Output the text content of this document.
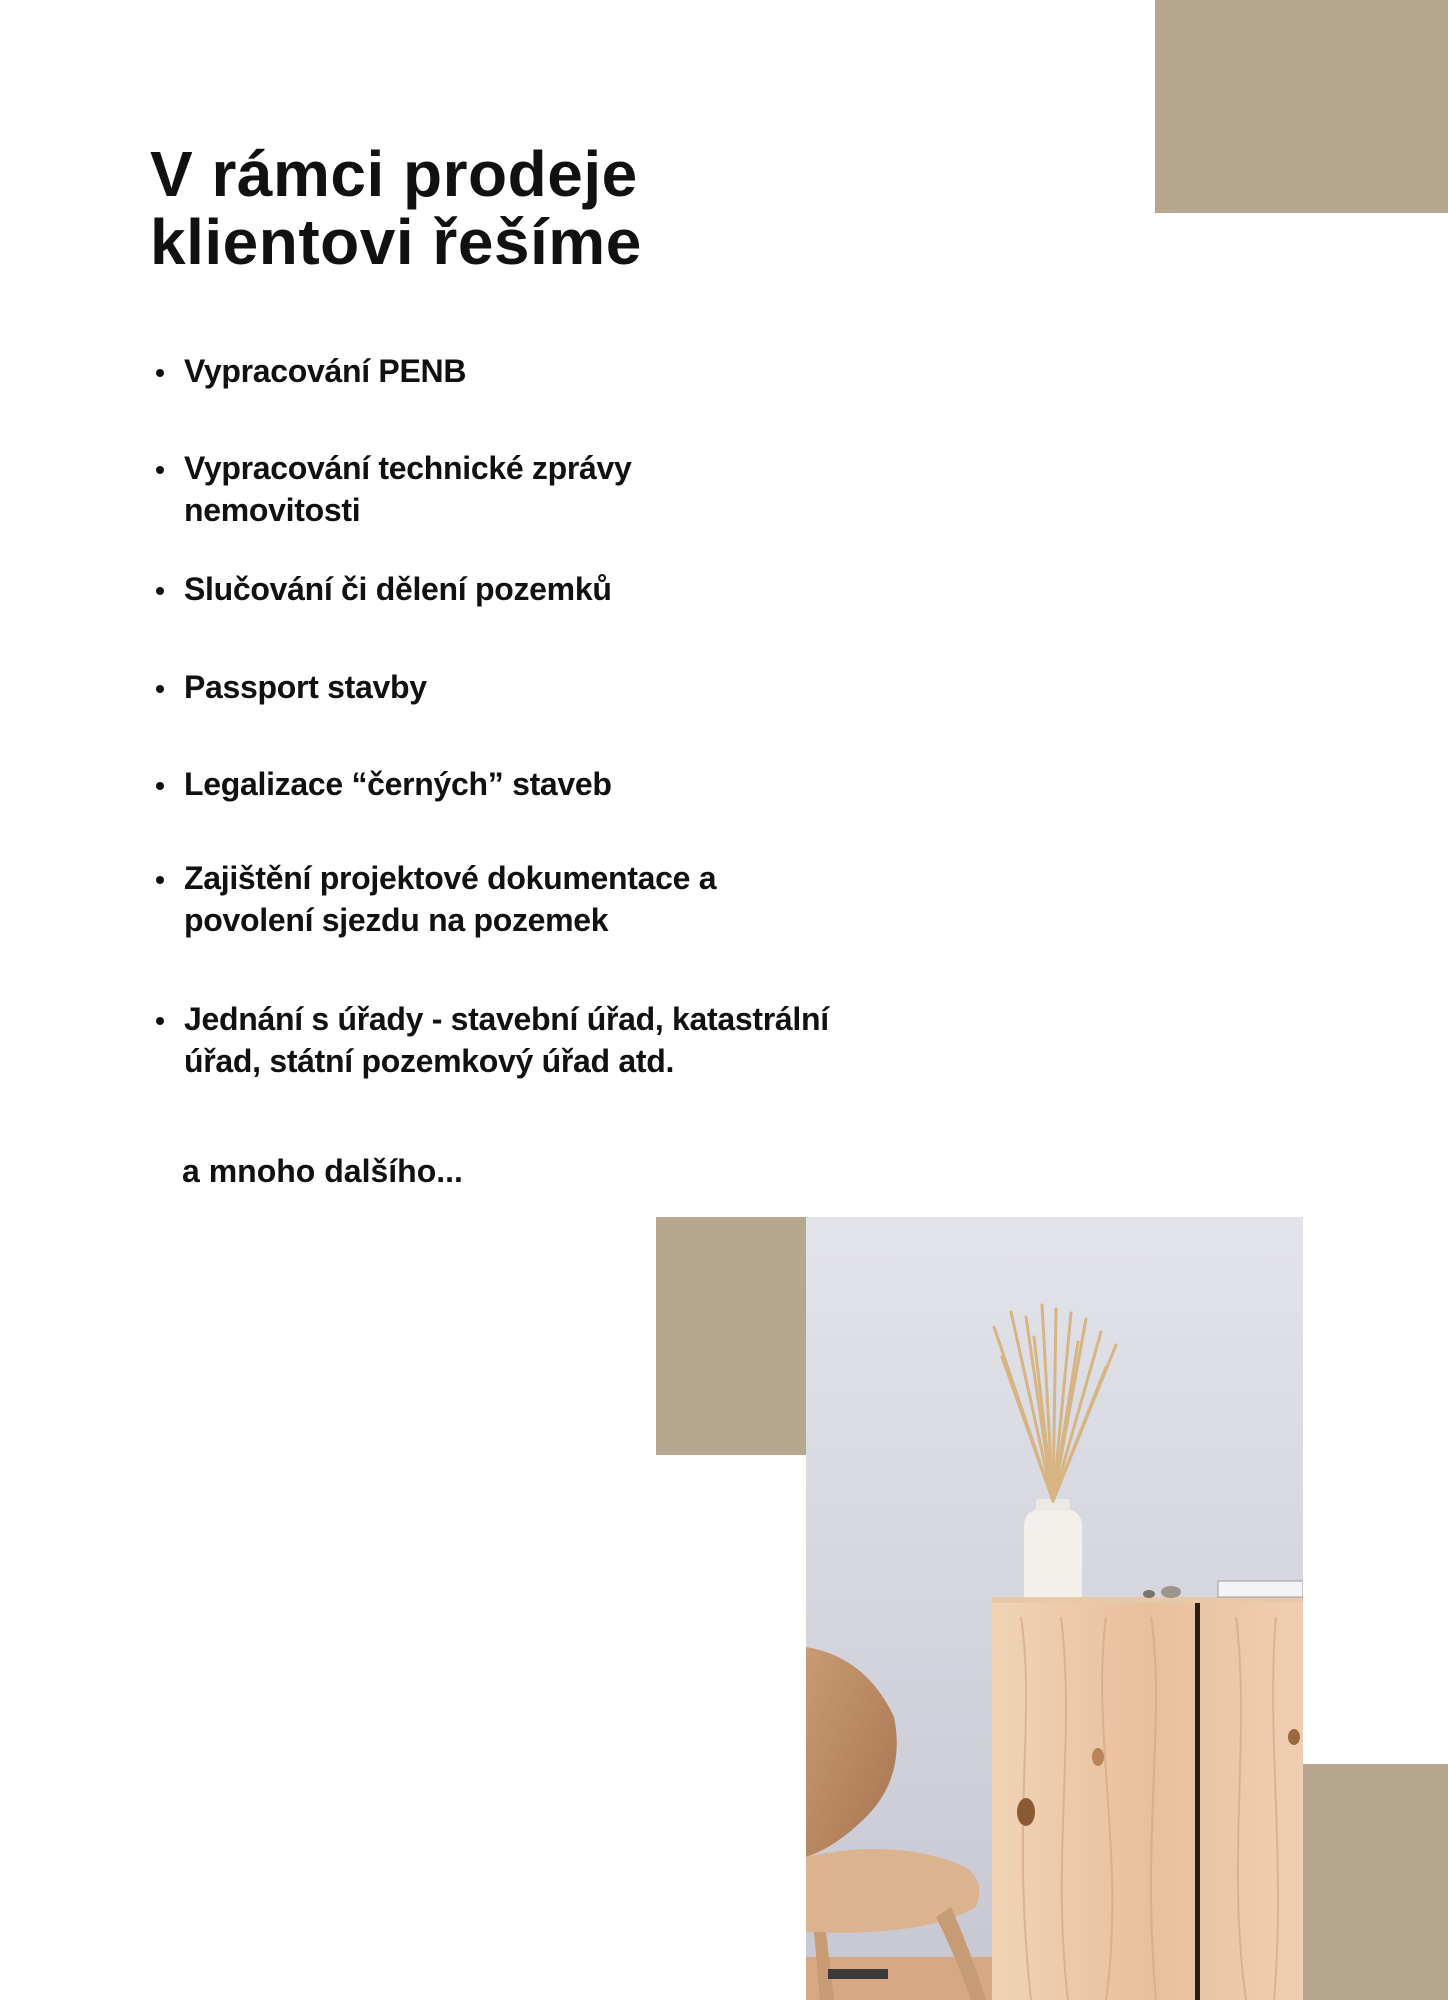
V rámci prodeje
klientovi řešíme
Vypracování PENB
Vypracování technické zprávy
nemovitosti
Slučování či dělení pozemků
Passport stavby
Legalizace “černých” staveb
Zajištění projektové dokumentace a
povolení sjezdu na pozemek
Jednání s úřady - stavební úřad, katastrální
úřad, státní pozemkový úřad atd.
a mnoho dalšího...
